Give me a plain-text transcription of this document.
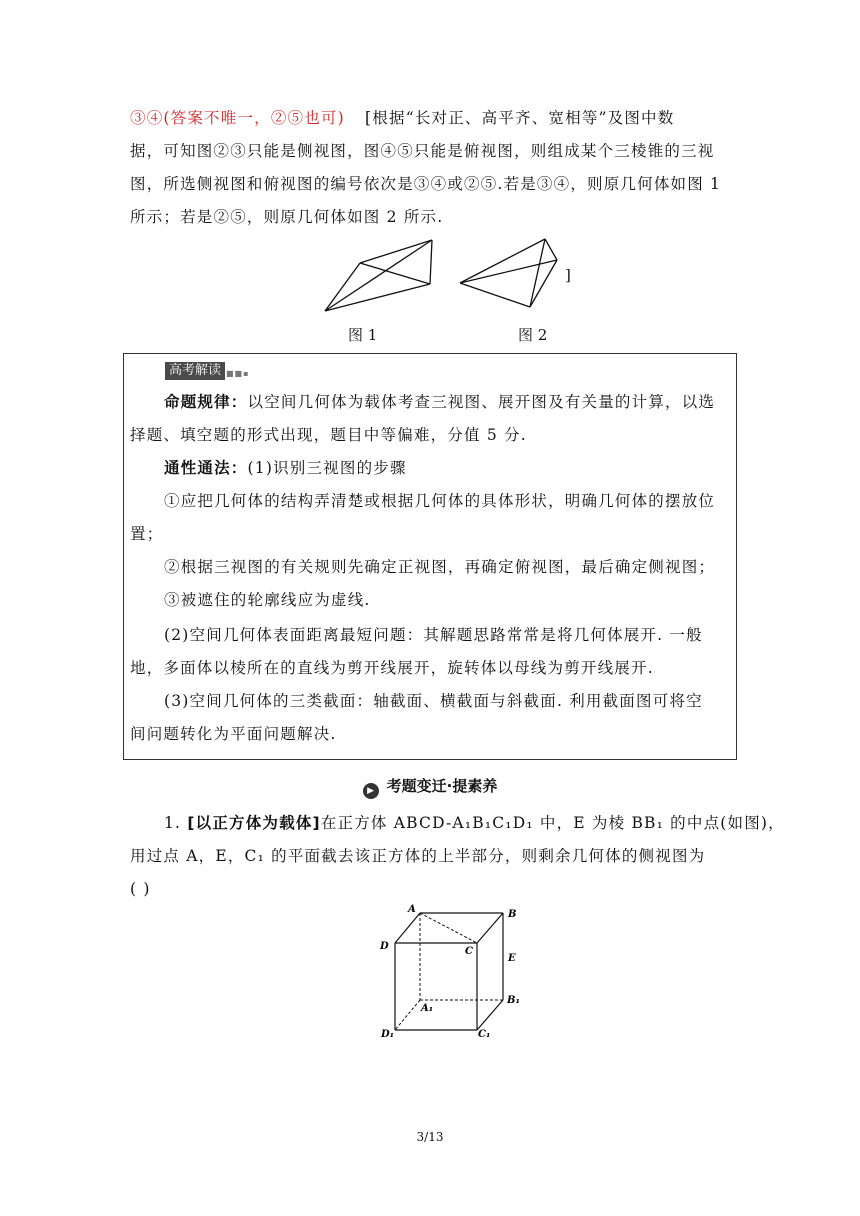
③④(答案不唯一，②⑤也可) [根据“长对正、高平齐、宽相等”及图中数
据，可知图②③只能是侧视图，图④⑤只能是俯视图，则组成某个三棱锥的三视
图，所选侧视图和俯视图的编号依次是③④或②⑤.若是③④，则原几何体如图 1
所示；若是②⑤，则原几何体如图 2 所示.
图 1
]
图 2
高考解读 ■■▪
命题规律：以空间几何体为载体考查三视图、展开图及有关量的计算，以选
择题、填空题的形式出现，题目中等偏难，分值 5 分.
通性通法：(1)识别三视图的步骤
①应把几何体的结构弄清楚或根据几何体的具体形状，明确几何体的摆放位
置；
②根据三视图的有关规则先确定正视图，再确定俯视图，最后确定侧视图；
③被遮住的轮廓线应为虚线.
(2)空间几何体表面距离最短问题：其解题思路常常是将几何体展开. 一般
地，多面体以棱所在的直线为剪开线展开，旋转体以母线为剪开线展开.
(3)空间几何体的三类截面：轴截面、横截面与斜截面. 利用截面图可将空
间问题转化为平面问题解决.
▶ 考题变迁·提素养
1. [以正方体为载体]在正方体 ABCD-A₁B₁C₁D₁ 中，E 为棱 BB₁ 的中点(如图)，
用过点 A，E，C₁ 的平面截去该正方体的上半部分，则剩余几何体的侧视图为
( )
A	B
C
D
E
A₁
B₁
C₁
D₁
3/13
